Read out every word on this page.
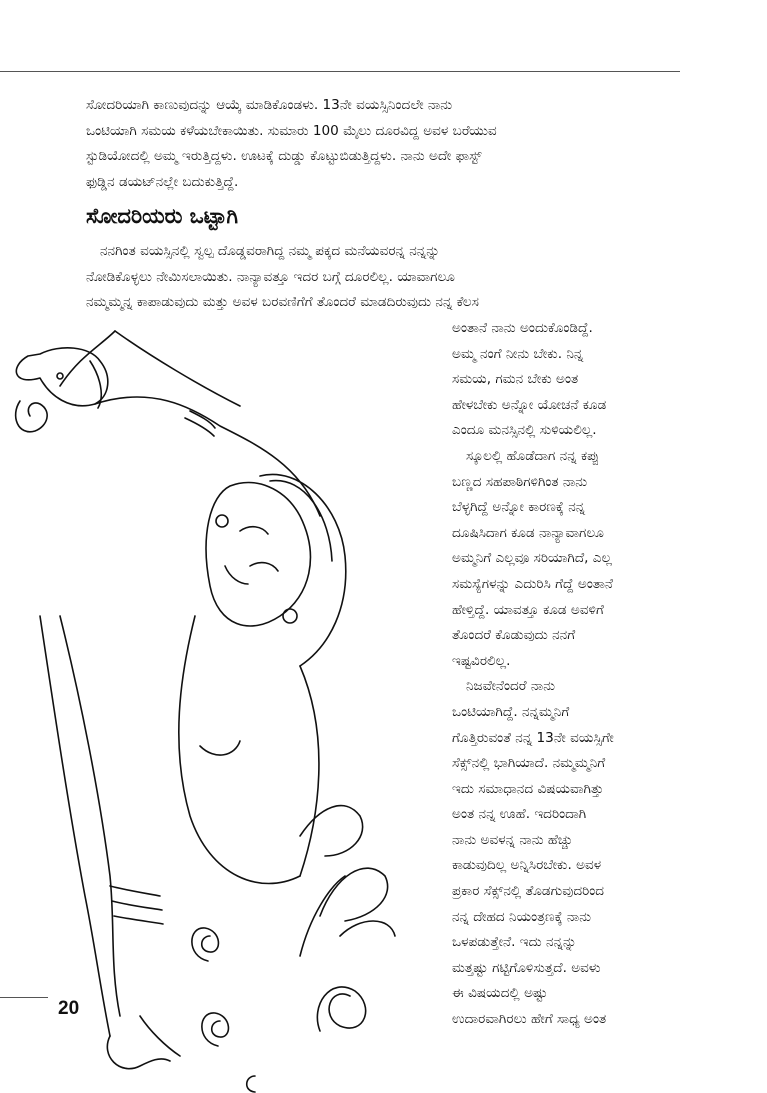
ಸೋದರಿಯಾಗಿ ಕಾಣುವುದನ್ನು ಆಯ್ಕೆ ಮಾಡಿಕೊಂಡಳು. 13ನೇ ವಯಸ್ಸಿನಿಂದಲೇ ನಾನು
ಒಂಟಿಯಾಗಿ ಸಮಯ ಕಳೆಯಬೇಕಾಯಿತು. ಸುಮಾರು 100 ಮೈಲು ದೂರವಿದ್ದ ಅವಳ ಬರೆಯುವ
ಸ್ಟುಡಿಯೋದಲ್ಲಿ ಅಮ್ಮ ಇರುತ್ತಿದ್ದಳು. ಊಟಕ್ಕೆ ದುಡ್ಡು ಕೊಟ್ಟುಬಿಡುತ್ತಿದ್ದಳು. ನಾನು ಅದೇ ಫಾಸ್ಟ್
ಫುಡ್ಡಿನ ಡಯಟ್‌ನಲ್ಲೇ ಬದುಕುತ್ತಿದ್ದೆ.
ಸೋದರಿಯರು ಒಟ್ಟಾಗಿ
ನನಗಿಂತ ವಯಸ್ಸಿನಲ್ಲಿ ಸ್ವಲ್ಪ ದೊಡ್ಡವರಾಗಿದ್ದ ನಮ್ಮ ಪಕ್ಕದ ಮನೆಯವರನ್ನ ನನ್ನನ್ನು
ನೋಡಿಕೊಳ್ಳಲು ನೇಮಿಸಲಾಯಿತು. ನಾನ್ಯಾವತ್ತೂ ಇದರ ಬಗ್ಗೆ ದೂರಲಿಲ್ಲ. ಯಾವಾಗಲೂ
ನಮ್ಮಮ್ಮನ್ನ ಕಾಪಾಡುವುದು ಮತ್ತು ಅವಳ ಬರವಣಿಗೆಗೆ ತೊಂದರೆ ಮಾಡದಿರುವುದು ನನ್ನ ಕೆಲಸ
ಅಂತಾನೆ ನಾನು ಅಂದುಕೊಂಡಿದ್ದೆ.
ಅಮ್ಮ ನಂಗೆ ನೀನು ಬೇಕು. ನಿನ್ನ
ಸಮಯ, ಗಮನ ಬೇಕು ಅಂತ
ಹೇಳಬೇಕು ಅನ್ನೋ ಯೋಚನೆ ಕೂಡ
ಎಂದೂ ಮನಸ್ಸಿನಲ್ಲಿ ಸುಳಿಯಲಿಲ್ಲ.
ಸ್ಕೂಲಲ್ಲಿ ಹೊಡೆದಾಗ ನನ್ನ ಕಪ್ಪು
ಬಣ್ಣದ ಸಹಪಾಠಿಗಳಿಗಿಂತ ನಾನು
ಬೆಳ್ಳಗಿದ್ದೆ ಅನ್ನೋ ಕಾರಣಕ್ಕೆ ನನ್ನ
ದೂಷಿಸಿದಾಗ ಕೂಡ ನಾನ್ಯಾವಾಗಲೂ
ಅಮ್ಮನಿಗೆ ಎಲ್ಲವೂ ಸರಿಯಾಗಿದೆ, ಎಲ್ಲ
ಸಮಸ್ಯೆಗಳನ್ನು ಎದುರಿಸಿ ಗೆದ್ದೆ ಅಂತಾನೆ
ಹೇಳ್ತಿದ್ದೆ. ಯಾವತ್ತೂ ಕೂಡ ಅವಳಿಗೆ
ತೊಂದರೆ ಕೊಡುವುದು ನನಗೆ
ಇಷ್ಟವಿರಲಿಲ್ಲ.
ನಿಜವೇನೆಂದರೆ ನಾನು
ಒಂಟಿಯಾಗಿದ್ದೆ. ನನ್ನಮ್ಮನಿಗೆ
ಗೊತ್ತಿರುವಂತೆ ನನ್ನ 13ನೇ ವಯಸ್ಸಿಗೇ
ಸೆಕ್ಸ್‌ನಲ್ಲಿ ಭಾಗಿಯಾದೆ. ನಮ್ಮಮ್ಮನಿಗೆ
ಇದು ಸಮಾಧಾನದ ವಿಷಯವಾಗಿತ್ತು
ಅಂತ ನನ್ನ ಊಹೆ. ಇದರಿಂದಾಗಿ
ನಾನು ಅವಳನ್ನ ನಾನು ಹೆಚ್ಚು
ಕಾಡುವುದಿಲ್ಲ ಅನ್ನಿಸಿರಬೇಕು. ಅವಳ
ಪ್ರಕಾರ ಸೆಕ್ಸ್‌ನಲ್ಲಿ ತೊಡಗುವುದರಿಂದ
ನನ್ನ ದೇಹದ ನಿಯಂತ್ರಣಕ್ಕೆ ನಾನು
ಒಳಪಡುತ್ತೇನೆ. ಇದು ನನ್ನನ್ನು
ಮತ್ತಷ್ಟು ಗಟ್ಟಿಗೊಳಿಸುತ್ತದೆ. ಅವಳು
ಈ ವಿಷಯದಲ್ಲಿ ಅಷ್ಟು
ಉದಾರವಾಗಿರಲು ಹೇಗೆ ಸಾಧ್ಯ ಅಂತ
20
